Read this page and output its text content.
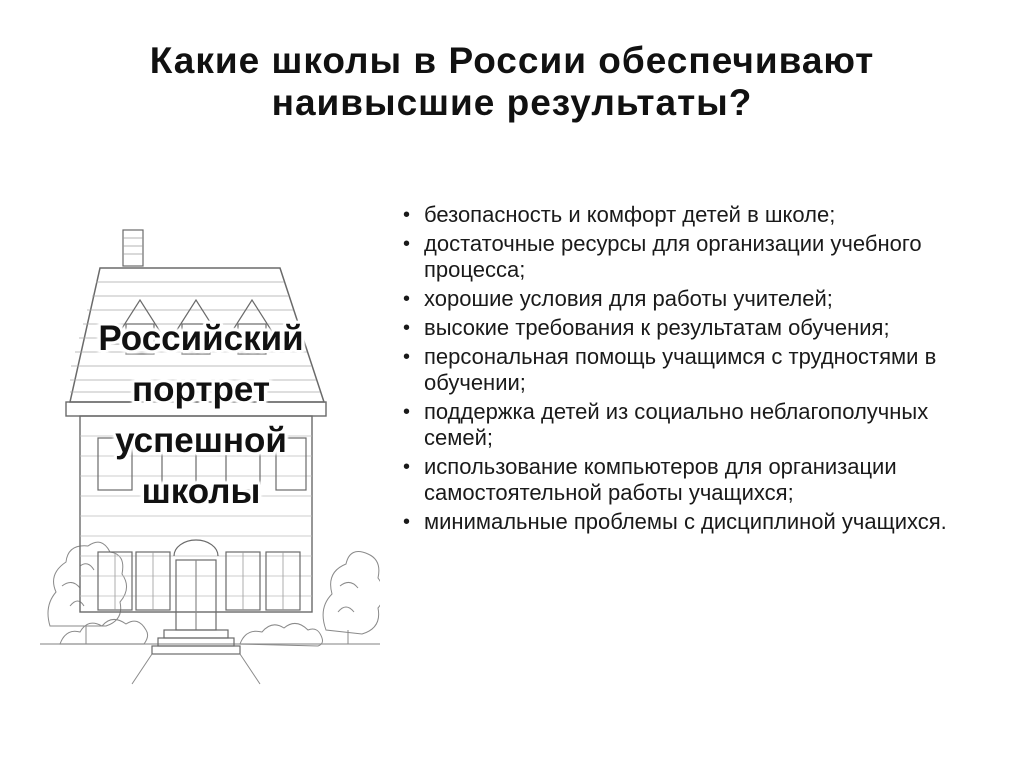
Какие школы в России обеспечивают
наивысшие результаты?
Российский
портрет
успешной
школы
• безопасность и комфорт детей в школе;
• достаточные ресурсы для организации учебного процесса;
• хорошие условия для работы учителей;
• высокие требования к результатам обучения;
• персональная помощь учащимся с трудностями в обучении;
• поддержка детей из социально неблагополучных семей;
• использование компьютеров для организации самостоятельной работы учащихся;
• минимальные проблемы с дисциплиной учащихся.
